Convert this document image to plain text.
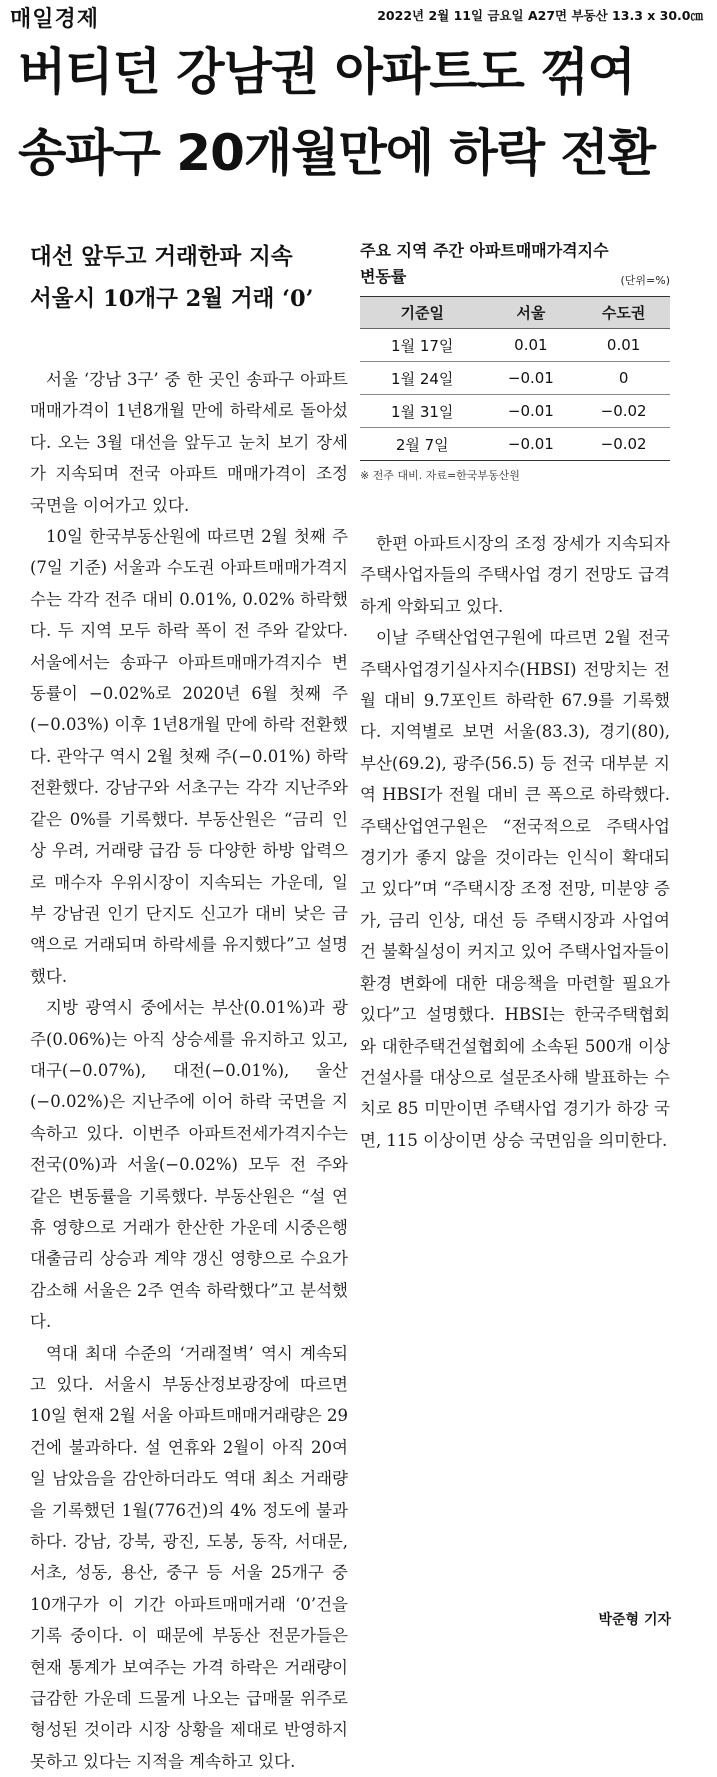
매일경제	2022년 2월 11일 금요일 A27면 부동산 13.3 x 30.0㎝
버티던 강남권 아파트도 꺾여
송파구 20개월만에 하락 전환
대선 앞두고 거래한파 지속
서울시 10개구 2월 거래 ‘0’
주요 지역 주간 아파트매매가격지수
변동률	(단위=%)
기준일	서울	수도권
1월 17일	0.01	0.01
1월 24일	−0.01	0
1월 31일	−0.01	−0.02
2월 7일	−0.01	−0.02
※ 전주 대비. 자료=한국부동산원

서울 ‘강남 3구’ 중 한 곳인 송파구 아파트 매매가격이 1년8개월 만에 하락세로 돌아섰다. 오는 3월 대선을 앞두고 눈치 보기 장세가 지속되며 전국 아파트 매매가격이 조정 국면을 이어가고 있다.

10일 한국부동산원에 따르면 2월 첫째 주(7일 기준) 서울과 수도권 아파트매매가격지수는 각각 전주 대비 0.01%, 0.02% 하락했다. 두 지역 모두 하락 폭이 전 주와 같았다. 서울에서는 송파구 아파트매매가격지수 변동률이 −0.02%로 2020년 6월 첫째 주(−0.03%) 이후 1년8개월 만에 하락 전환했다. 관악구 역시 2월 첫째 주(−0.01%) 하락 전환했다. 강남구와 서초구는 각각 지난주와 같은 0%를 기록했다. 부동산원은 “금리 인상 우려, 거래량 급감 등 다양한 하방 압력으로 매수자 우위시장이 지속되는 가운데, 일부 강남권 인기 단지도 신고가 대비 낮은 금액으로 거래되며 하락세를 유지했다”고 설명했다.

지방 광역시 중에서는 부산(0.01%)과 광주(0.06%)는 아직 상승세를 유지하고 있고, 대구(−0.07%), 대전(−0.01%), 울산(−0.02%)은 지난주에 이어 하락 국면을 지속하고 있다. 이번주 아파트전세가격지수는 전국(0%)과 서울(−0.02%) 모두 전 주와 같은 변동률을 기록했다. 부동산원은 “설 연휴 영향으로 거래가 한산한 가운데 시중은행 대출금리 상승과 계약 갱신 영향으로 수요가 감소해 서울은 2주 연속 하락했다”고 분석했다.

역대 최대 수준의 ‘거래절벽’ 역시 계속되고 있다. 서울시 부동산정보광장에 따르면 10일 현재 2월 서울 아파트매매거래량은 29건에 불과하다. 설 연휴와 2월이 아직 20여 일 남았음을 감안하더라도 역대 최소 거래량을 기록했던 1월(776건)의 4% 정도에 불과하다. 강남, 강북, 광진, 도봉, 동작, 서대문, 서초, 성동, 용산, 중구 등 서울 25개구 중 10개구가 이 기간 아파트매매거래 ‘0’건을 기록 중이다. 이 때문에 부동산 전문가들은 현재 통계가 보여주는 가격 하락은 거래량이 급감한 가운데 드물게 나오는 급매물 위주로 형성된 것이라 시장 상황을 제대로 반영하지 못하고 있다는 지적을 계속하고 있다.

한편 아파트시장의 조정 장세가 지속되자 주택사업자들의 주택사업 경기 전망도 급격하게 악화되고 있다.

이날 주택산업연구원에 따르면 2월 전국 주택사업경기실사지수(HBSI) 전망치는 전월 대비 9.7포인트 하락한 67.9를 기록했다. 지역별로 보면 서울(83.3), 경기(80), 부산(69.2), 광주(56.5) 등 전국 대부분 지역 HBSI가 전월 대비 큰 폭으로 하락했다. 주택산업연구원은 “전국적으로 주택사업 경기가 좋지 않을 것이라는 인식이 확대되고 있다”며 “주택시장 조정 전망, 미분양 증가, 금리 인상, 대선 등 주택시장과 사업여건 불확실성이 커지고 있어 주택사업자들이 환경 변화에 대한 대응책을 마련할 필요가 있다”고 설명했다. HBSI는 한국주택협회와 대한주택건설협회에 소속된 500개 이상 건설사를 대상으로 설문조사해 발표하는 수치로 85 미만이면 주택사업 경기가 하강 국면, 115 이상이면 상승 국면임을 의미한다.

박준형 기자
